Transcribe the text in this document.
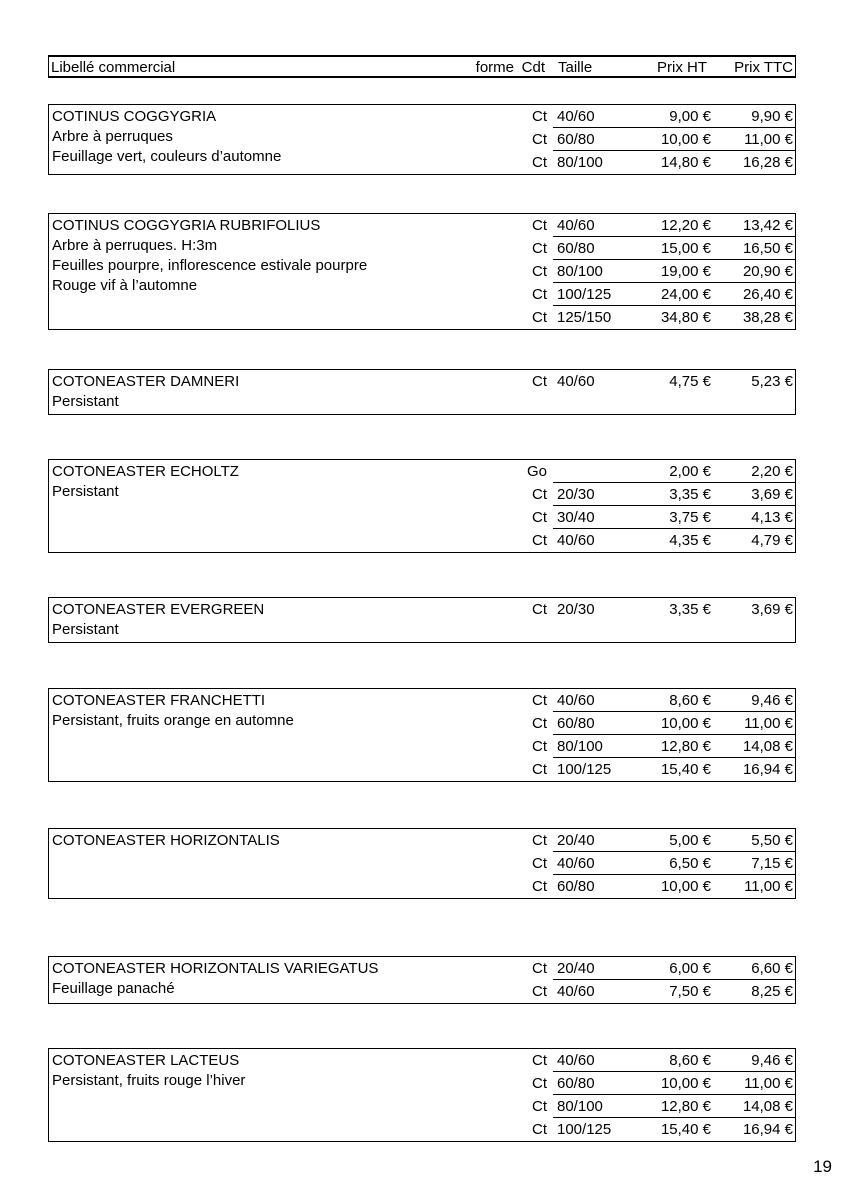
Libellé commercial	forme Cdt Taille	Prix HT Prix TTC
COTINUS COGGYGRIA
Arbre à perruques
Feuillage vert, couleurs d’automne
Ct 40/60	9,00 €	9,90 €
Ct 60/80	10,00 €	11,00 €
Ct 80/100	14,80 €	16,28 €
COTINUS COGGYGRIA RUBRIFOLIUS
Arbre à perruques. H:3m
Feuilles pourpre, inflorescence estivale pourpre
Rouge vif à l’automne
Ct 40/60	12,20 €	13,42 €
Ct 60/80	15,00 €	16,50 €
Ct 80/100	19,00 €	20,90 €
Ct 100/125	24,00 €	26,40 €
Ct 125/150	34,80 €	38,28 €
COTONEASTER DAMNERI
Persistant
Ct 40/60	4,75 €	5,23 €
COTONEASTER ECHOLTZ
Persistant
Go	2,00 €	2,20 €
Ct 20/30	3,35 €	3,69 €
Ct 30/40	3,75 €	4,13 €
Ct 40/60	4,35 €	4,79 €
COTONEASTER EVERGREEN
Persistant
Ct 20/30	3,35 €	3,69 €
COTONEASTER FRANCHETTI
Persistant, fruits orange en automne
Ct 40/60	8,60 €	9,46 €
Ct 60/80	10,00 €	11,00 €
Ct 80/100	12,80 €	14,08 €
Ct 100/125	15,40 €	16,94 €
COTONEASTER HORIZONTALIS	Ct 20/40	5,00 €	5,50 €
Ct 40/60	6,50 €	7,15 €
Ct 60/80	10,00 €	11,00 €
COTONEASTER HORIZONTALIS VARIEGATUS
Feuillage panaché
Ct 20/40	6,00 €	6,60 €
Ct 40/60	7,50 €	8,25 €
COTONEASTER LACTEUS
Persistant, fruits rouge l’hiver
Ct 40/60	8,60 €	9,46 €
Ct 60/80	10,00 €	11,00 €
Ct 80/100	12,80 €	14,08 €
Ct 100/125	15,40 €	16,94 €
19
